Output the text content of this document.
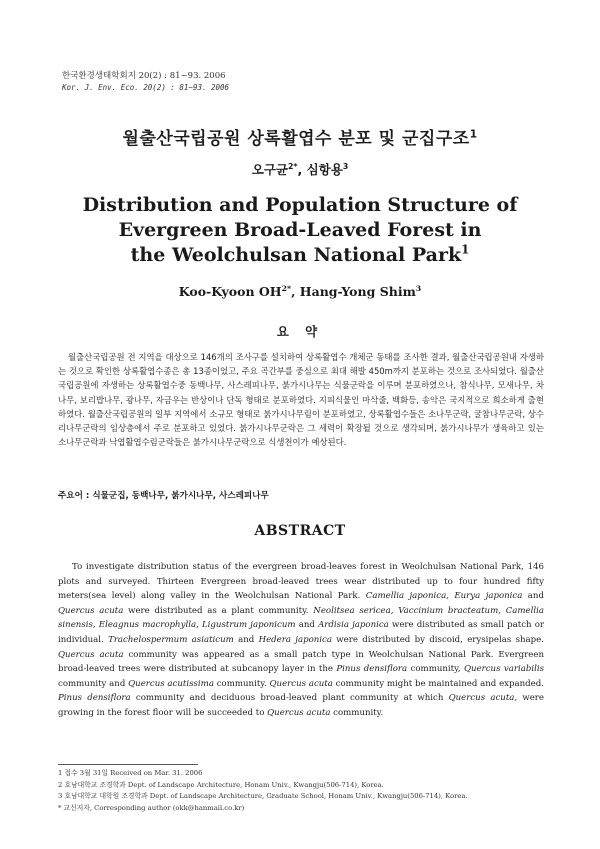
한국환경생태학회지 20(2) : 81~93. 2006
Kor. J. Env. Eco. 20(2) : 81~93. 2006
월출산국립공원 상록활엽수 분포 및 군집구조$^1$
오구균$^{2*}$, 심항용$^3$
Distribution and Population Structure of
Evergreen Broad-Leaved Forest in
the Weolchulsan National Park$^1$
Koo-Kyoon $OH^{2*}$, Hang-Yong Shim$^3$
요 약
월출산국립공원 전 지역을 대상으로 146개의 조사구를 설치하여 상록활엽수 개체군 동태를 조사한 결과, 월출산국립공원내 자생하는 것으로 확인한 상록활엽수종은 총 13종이었고, 주요 곡간부를 중심으로 최대 해발 450m까지 분포하는 것으로 조사되었다. 월출산국립공원에 자생하는 상록활엽수중 동백나무, 사스레피나무, 붉가시나무는 식물군락을 이루며 분포하였으나, 참식나무, 모새나무, 차나무, 보리밥나무, 광나무, 자금우는 반상이나 단독 형태로 분포하였다. 지피식물인 마삭줄, 백화등, 송악은 국지적으로 희소하게 출현하였다. 월출산국립공원의 일부 지역에서 소규모 형태로 붉가시나무림이 분포하였고, 상록활엽수들은 소나무군락, 굴참나무군락, 상수리나무군락의 임상층에서 주로 분포하고 있었다. 붉가시나무군락은 그 세력이 확장될 것으로 생각되며, 붉가시나무가 생육하고 있는 소나무군락과 낙엽활엽수림군락들은 붉가시나무군락으로 식생천이가 예상된다.
주요어 : 식물군집, 동백나무, 붉가시나무, 사스레피나무
ABSTRACT

To investigate distribution status of the evergreen broad-leaves forest in Weolchulsan National Park, 146 plots and surveyed. Thirteen Evergreen broad-leaved trees wear distributed up to four hundred fifty meters(sea level) along valley in the Weolchulsan National Park. Camellia japonica, Eurya japonica and Quercus acuta were distributed as a plant community. Neolitsea sericea, Vaccinium bracteatum, Camellia sinensis, Eleagnus macrophylla, Ligustrum japonicum and Ardisia japonica were distributed as small patch or individual. Trachelospermum asiaticum and Hedera japonica were distributed by discoid, erysipelas shape. Quercus acuta community was appeared as a small patch type in Weolchulsan National Park. Evergreen broad-leaved trees were distributed at subcanopy layer in the Pinus densiflora community, Quercus variabilis community and Quercus acutissima community. Quercus acuta community might be maintained and expanded. Pinus densiflora community and deciduous broad-leaved plant community at which Quercus acuta, were growing in the forest floor will be succeeded to Quercus acuta community.

1 접수 3월 31일 Received on Mar. 31. 2006
2 호남대학교 조경학과 Dept. of Landscape Architecture, Honam Univ., Kwangju(506-714), Korea.
3 호남대학교 대학원 조경학과 Dept. of Landscape Architecture, Graduate School, Honam Univ., Kwangju(506-714), Korea.
* 교신저자, Corresponding author (okk@hanmail.co.kr)
